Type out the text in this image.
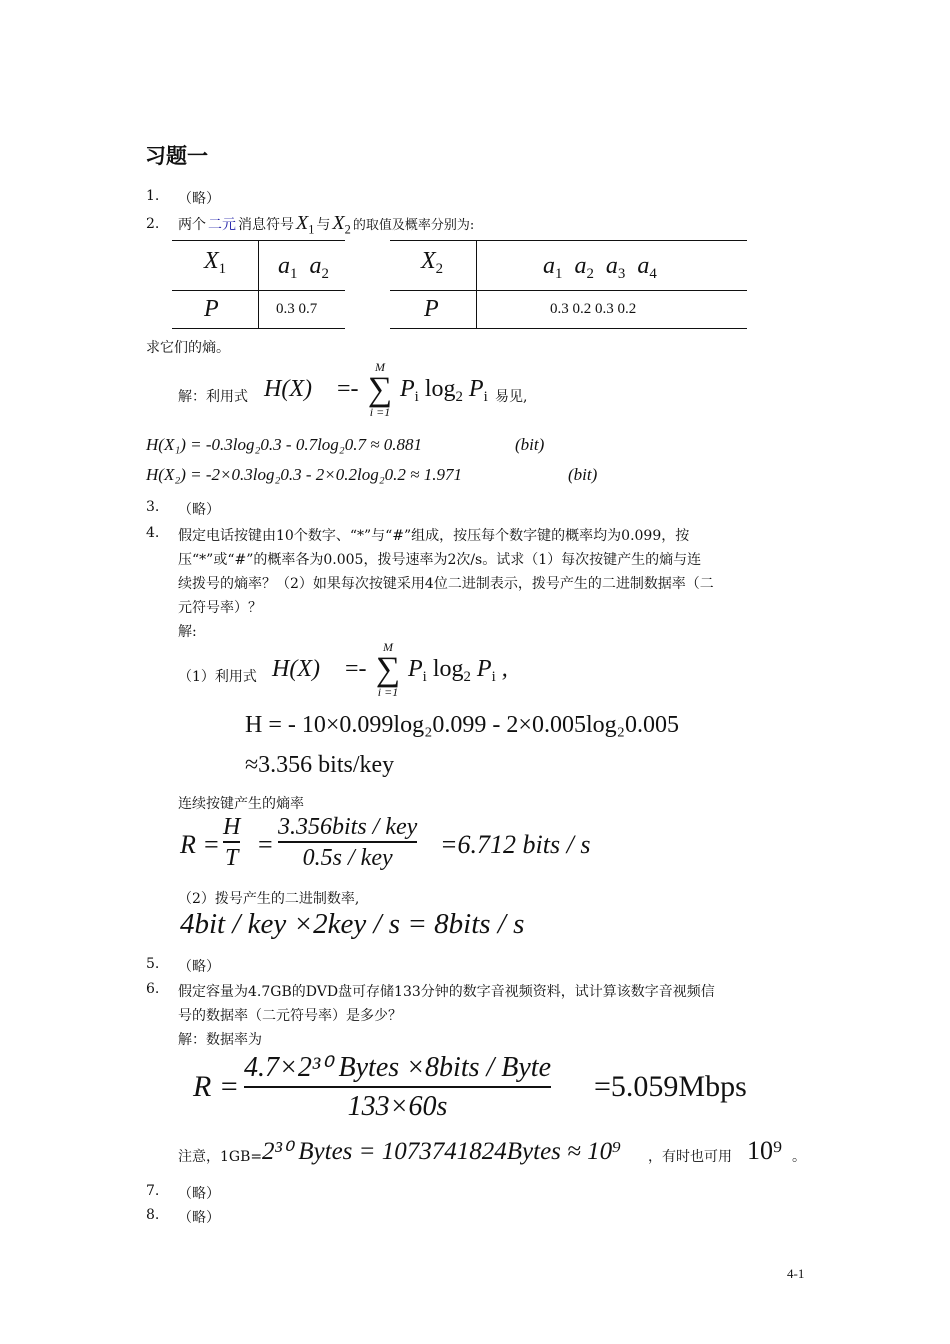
习题一
1. （略）
2. 两个 二元 消息符号 $X_1$ 与 $X_2$ 的取值及概率分别为:
$X_1$ $a_1$  $a_2$
P	0.3 0.7
$X_2$	$a_1$  $a_2$  $a_3$  $a_4$
P	0.3 0.2 0.3 0.2
求它们的熵。
解：利用式 H(X) =-
M
∑
i =1
$P_i$ $\log_2 P_i$ 易见,
H(X₁) = -0.3log₂0.3 - 0.7log₂0.7 ≈ 0.881	(bit)
H(X₂) = -2×0.3log₂0.3 - 2×0.2log₂0.2 ≈ 1.971	(bit)
3. （略）
4. 假定电话按键由10个数字、“*”与“#”组成，按压每个数字键的概率均为0.099，按
压“*”或“#”的概率各为0.005，拨号速率为2次/s。试求（1）每次按键产生的熵与连
续拨号的熵率？（2）如果每次按键采用4位二进制表示，拨号产生的二进制数据率（二
元符号率）？
解:
（1）利用式 H(X) =-
M
∑
i =1
$P_i$ $\log_2 P_i$ ,
H = - 10×0.099log₂0.099 - 2×0.005log₂0.005
≈3.356 bits/key
连续按键产生的熵率
R =
H
T =
3.356bits / key
0.5s / key =6.712 bits / s
（2）拨号产生的二进制数率,
4bit / key ×2key / s = 8bits / s
5. （略）
6. 假定容量为4.7GB的DVD盘可存储133分钟的数字音视频资料，试计算该数字音视频信
号的数据率（二元符号率）是多少？
解：数据率为
R =
4.7×2³⁰ Bytes ×8bits / Byte
133×60s
=5.059Mbps
注意，1GB= 2³⁰ Bytes = 1073741824Bytes ≈ 10⁹ ，有时也可用 10⁹ 。
7. （略）
8. （略）
4-1
